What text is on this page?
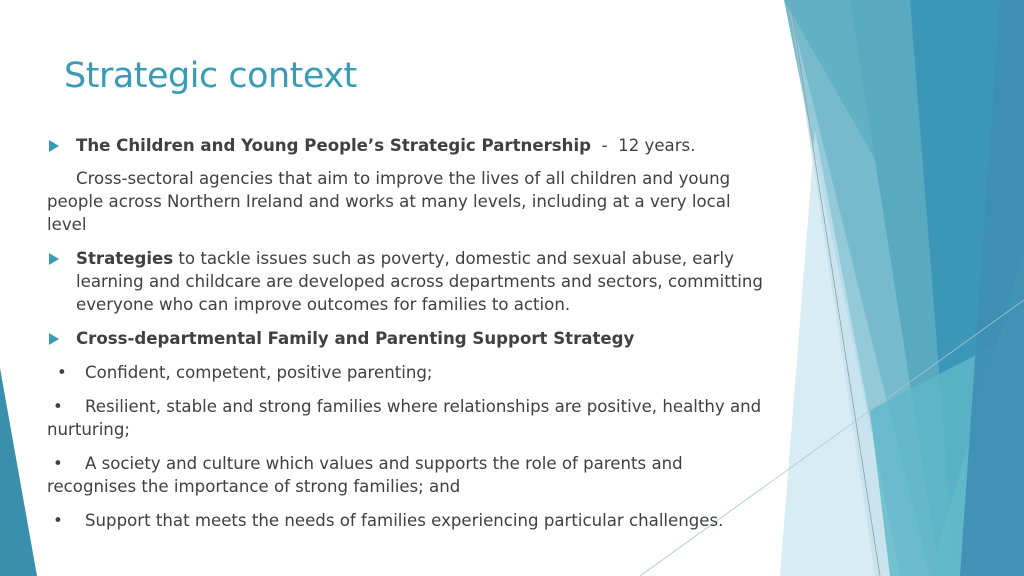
Strategic context
The Children and Young People’s Strategic Partnership  -  12 years.
Cross-sectoral agencies that aim to improve the lives of all children and young people across Northern Ireland and works at many levels, including at a very local level
Strategies to tackle issues such as poverty, domestic and sexual abuse, early learning and childcare are developed across departments and sectors, committing everyone who can improve outcomes for families to action.
Cross-departmental Family and Parenting Support Strategy
• Confident, competent, positive parenting;
• Resilient, stable and strong families where relationships are positive, healthy and nurturing;
• A society and culture which values and supports the role of parents and recognises the importance of strong families; and
• Support that meets the needs of families experiencing particular challenges.
